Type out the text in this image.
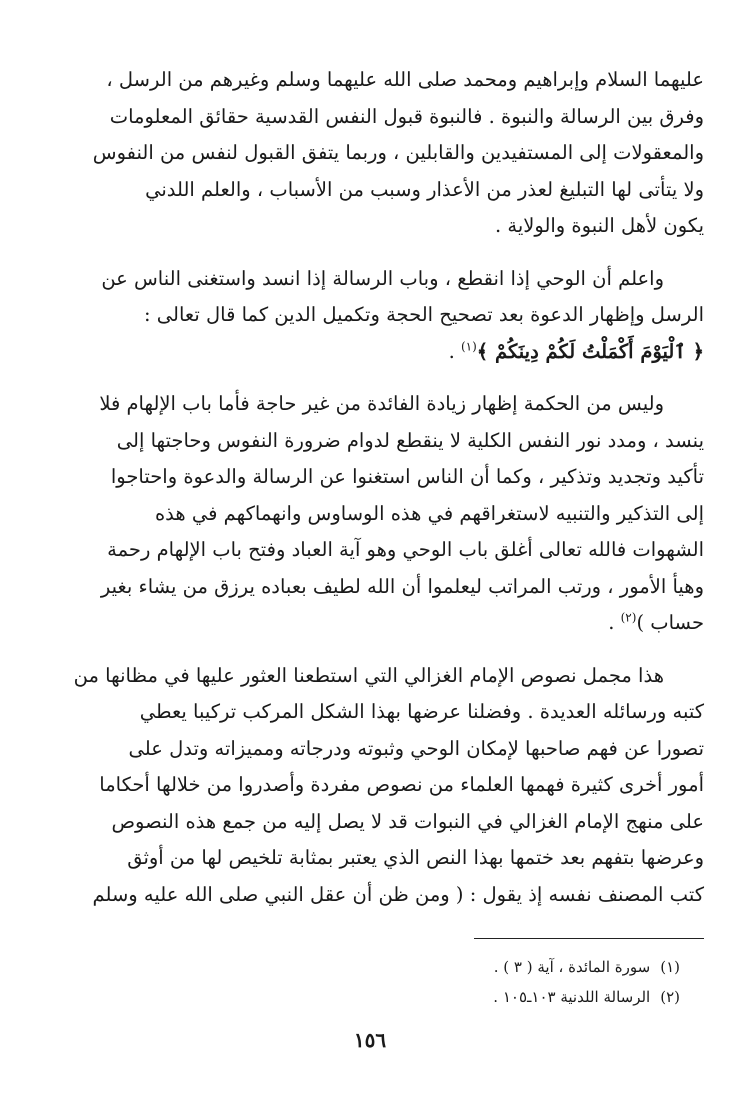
عليهما السلام وإبراهيم ومحمد صلى الله عليهما وسلم وغيرهم من الرسل ،

وفرق بين الرسالة والنبوة . فالنبوة قبول النفس القدسية حقائق المعلومات

والمعقولات إلى المستفيدين والقابلين ، وربما يتفق القبول لنفس من النفوس

ولا يتأتى لها التبليغ لعذر من الأعذار وسبب من الأسباب ، والعلم اللدني

يكون لأهل النبوة والولاية .

واعلم أن الوحي إذا انقطع ، وباب الرسالة إذا انسد واستغنى الناس عن

الرسل وإظهار الدعوة بعد تصحيح الحجة وتكميل الدين كما قال تعالى :

﴿ ٱلْيَوْمَ أَكْمَلْتُ لَكُمْ دِينَكُمْ ﴾$^{(١)}$ .

وليس من الحكمة إظهار زيادة الفائدة من غير حاجة فأما باب الإلهام فلا

ينسد ، ومدد نور النفس الكلية لا ينقطع لدوام ضرورة النفوس وحاجتها إلى

تأكيد وتجديد وتذكير ، وكما أن الناس استغنوا عن الرسالة والدعوة واحتاجوا

إلى التذكير والتنبيه لاستغراقهم في هذه الوساوس وانهماكهم في هذه

الشهوات فالله تعالى أغلق باب الوحي وهو آية العباد وفتح باب الإلهام رحمة

وهيأ الأمور ، ورتب المراتب ليعلموا أن الله لطيف بعباده يرزق من يشاء بغير

حساب )$^{(٢)}$ .

هذا مجمل نصوص الإمام الغزالي التي استطعنا العثور عليها في مظانها من

كتبه ورسائله العديدة . وفضلنا عرضها بهذا الشكل المركب تركيبا يعطي

تصورا عن فهم صاحبها لإمكان الوحي وثبوته ودرجاته ومميزاته وتدل على

أمور أخرى كثيرة فهمها العلماء من نصوص مفردة وأصدروا من خلالها أحكاما

على منهج الإمام الغزالي في النبوات قد لا يصل إليه من جمع هذه النصوص

وعرضها بتفهم بعد ختمها بهذا النص الذي يعتبر بمثابة تلخيص لها من أوثق

كتب المصنف نفسه إذ يقول : ( ومن ظن أن عقل النبي صلى الله عليه وسلم

(١)سورة المائدة ، آية ( ٣ ) .
(٢)الرسالة اللدنية ١٠٣ـ١٠٥ .
١٥٦
